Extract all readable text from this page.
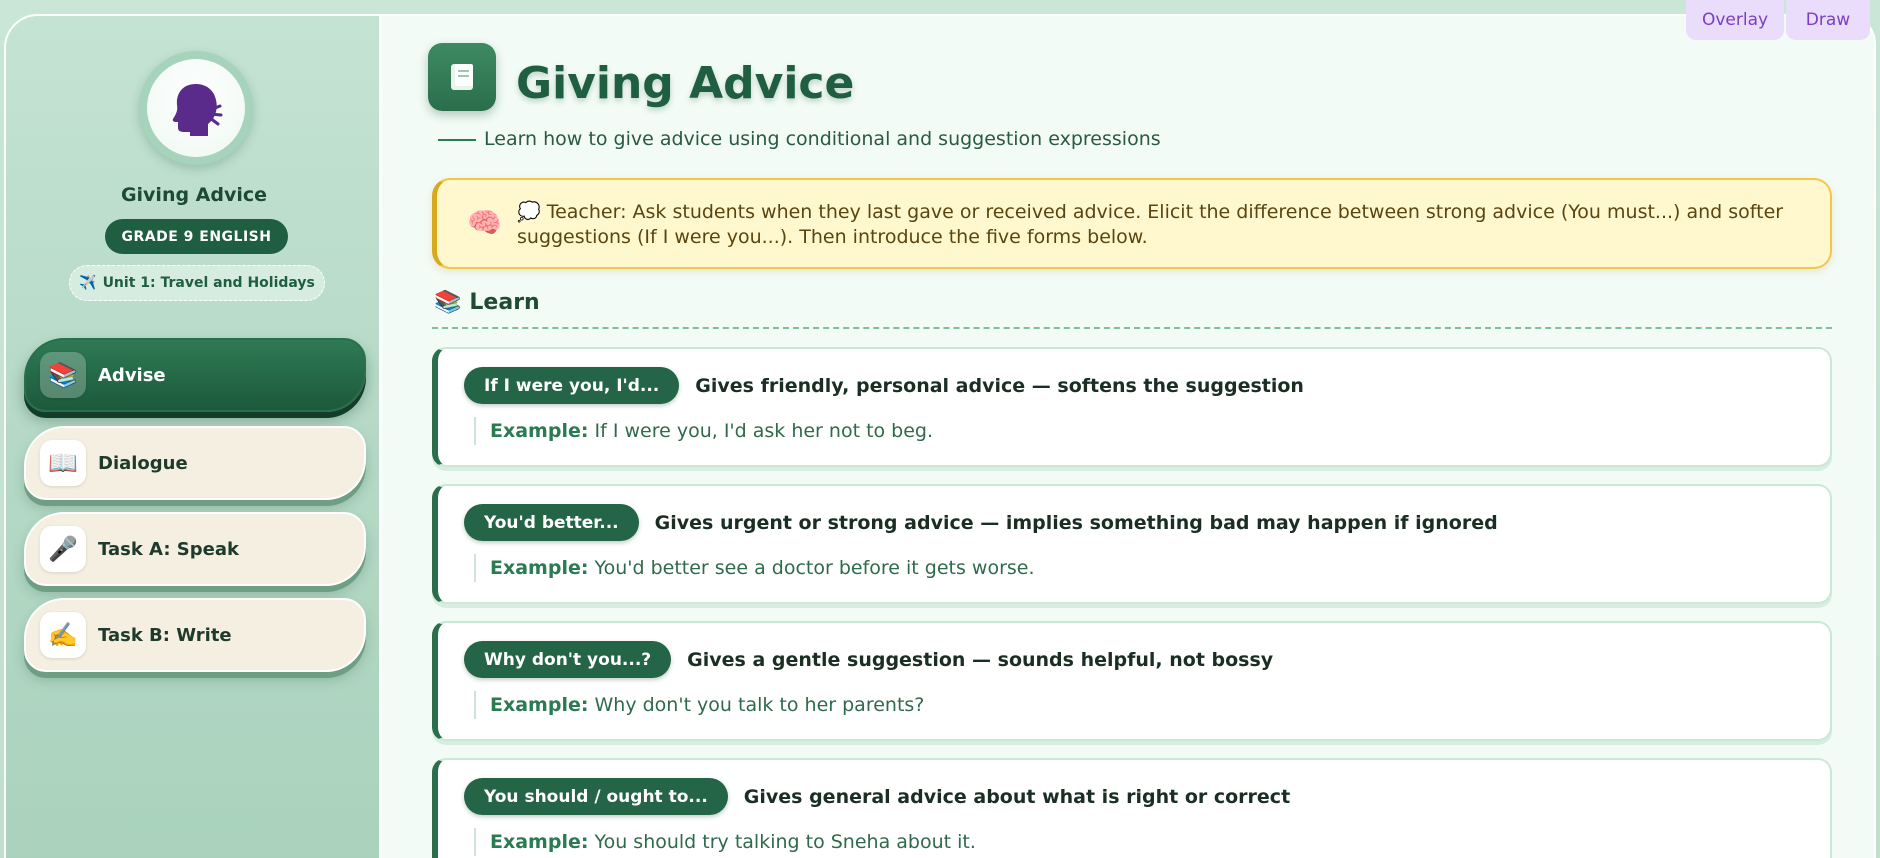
Giving Advice
GRADE 9 ENGLISH
✈️ Unit 1: Travel and Holidays
📚	Advise
📖	Dialogue
🎤	Task A: Speak
✍️	Task B: Write
Giving Advice
Learn how to give advice using conditional and suggestion expressions
🧠 💭 Teacher: Ask students when they last gave or received advice. Elicit the difference between strong advice (You must...) and softer suggestions (If I were you...). Then introduce the five forms below.
📚 Learn
If I were you, I'd...	Gives friendly, personal advice — softens the suggestion
Example: If I were you, I'd ask her not to beg.
You'd better...	Gives urgent or strong advice — implies something bad may happen if ignored
Example: You'd better see a doctor before it gets worse.
Why don't you...?	Gives a gentle suggestion — sounds helpful, not bossy
Example: Why don't you talk to her parents?
You should / ought to...	Gives general advice about what is right or correct
Example: You should try talking to Sneha about it.
Overlay	Draw
